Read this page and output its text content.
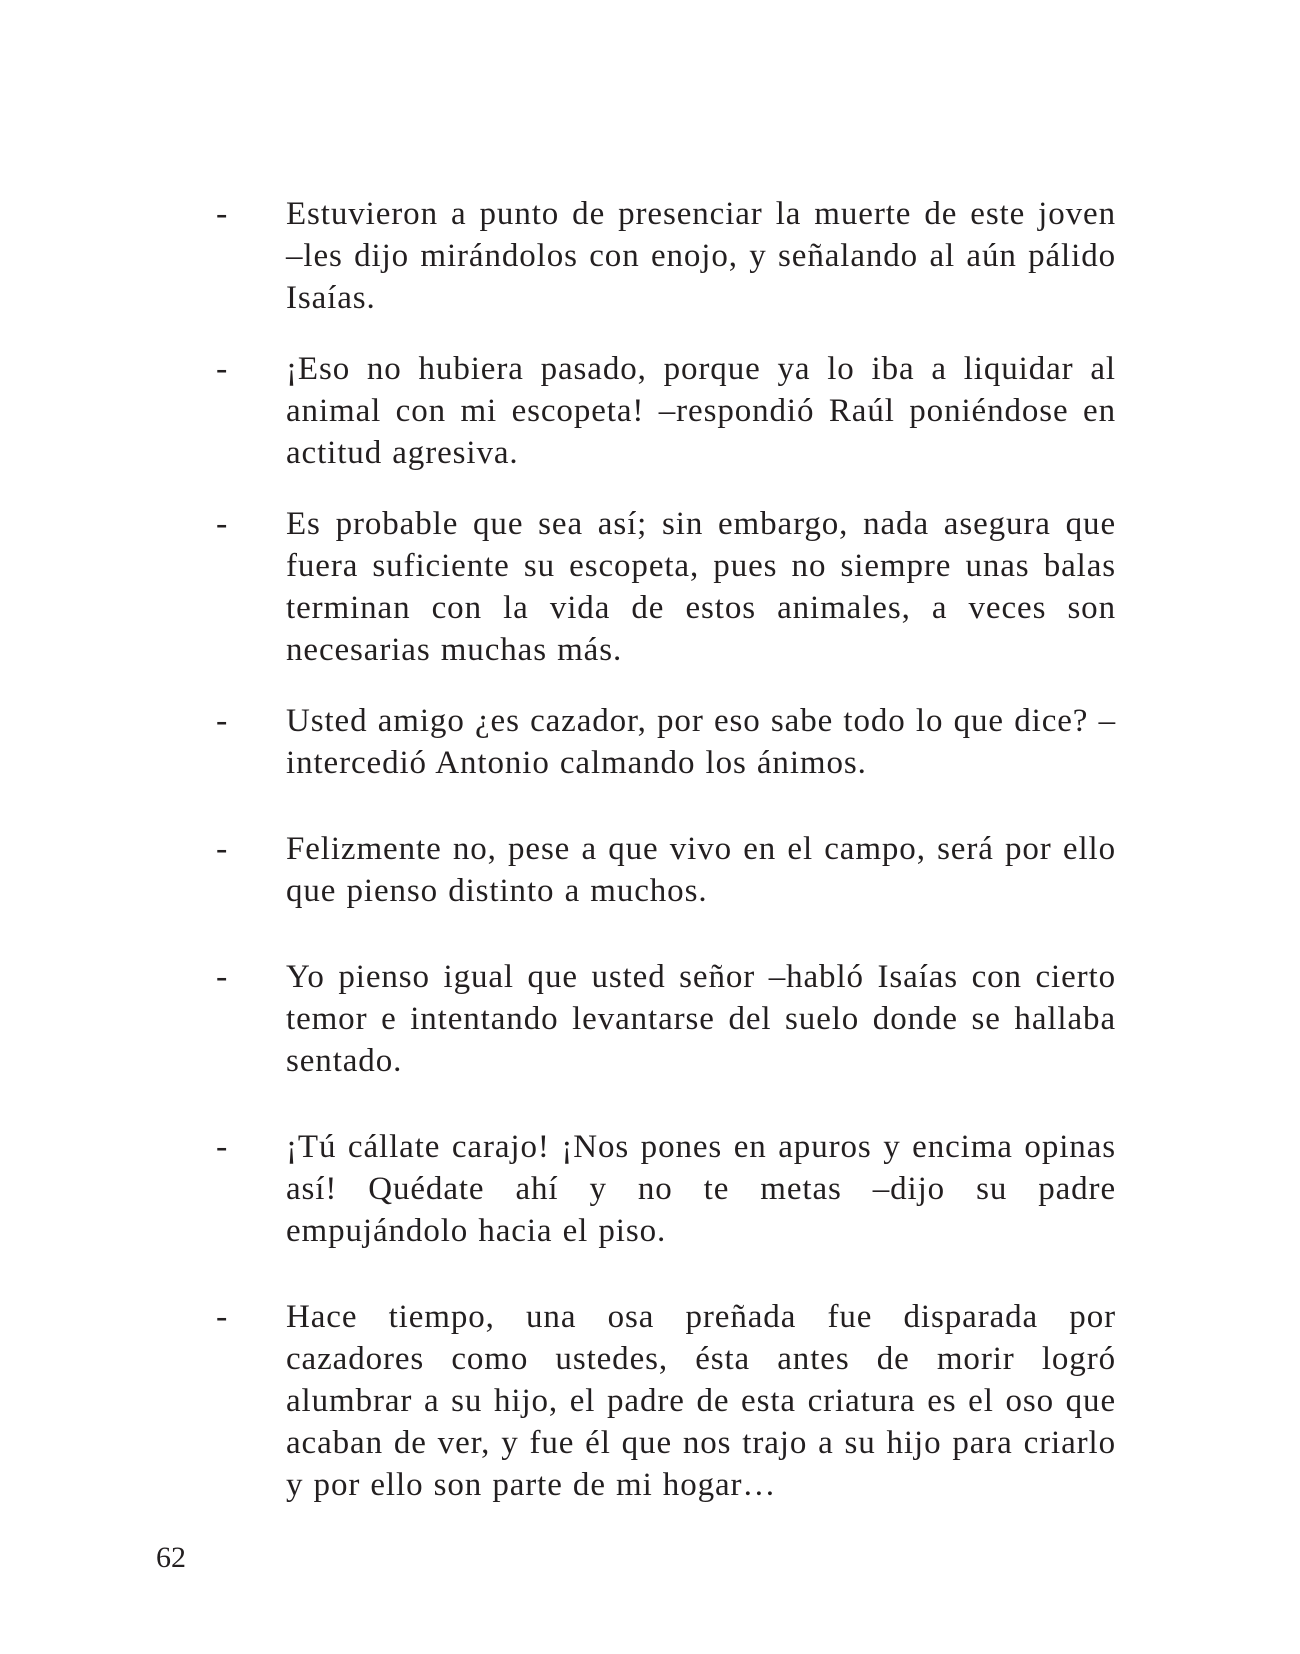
-	Estuvieron a punto de presenciar la muerte de este joven –les dijo mirándolos con enojo, y señalando al aún pálido Isaías.

-	¡Eso no hubiera pasado, porque ya lo iba a liquidar al animal con mi escopeta! –respondió Raúl poniéndose en actitud agresiva.

-	Es probable que sea así; sin embargo, nada asegura que fuera suficiente su escopeta, pues no siempre unas balas terminan con la vida de estos animales, a veces son necesarias muchas más.

-	Usted amigo ¿es cazador, por eso sabe todo lo que dice? –intercedió Antonio calmando los ánimos.

-	Felizmente no, pese a que vivo en el campo, será por ello que pienso distinto a muchos.

-	Yo pienso igual que usted señor –habló Isaías con cierto temor e intentando levantarse del suelo donde se hallaba sentado.

-	¡Tú cállate carajo! ¡Nos pones en apuros y encima opinas así! Quédate ahí y no te metas –dijo su padre empujándolo hacia el piso.

-	Hace tiempo, una osa preñada fue disparada por cazadores como ustedes, ésta antes de morir logró alumbrar a su hijo, el padre de esta criatura es el oso que acaban de ver, y fue él que nos trajo a su hijo para criarlo y por ello son parte de mi hogar…

62
